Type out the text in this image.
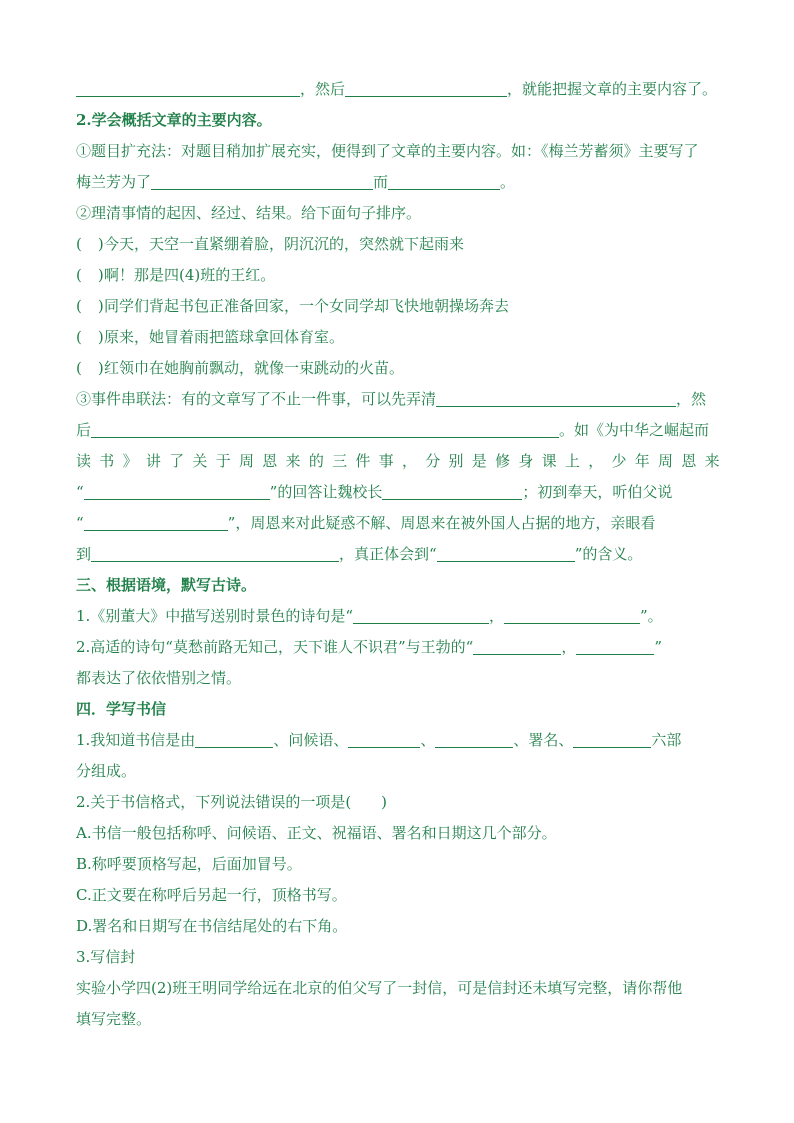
，然后	，就能把握文章的主要内容了。
2.学会概括文章的主要内容。
①题目扩充法：对题目稍加扩展充实，便得到了文章的主要内容。如：《梅兰芳蓄须》主要写了
梅兰芳为了	而	。
②理清事情的起因、经过、结果。给下面句子排序。
( )今天，天空一直紧绷着脸，阴沉沉的，突然就下起雨来
( )啊！那是四(4)班的王红。
( )同学们背起书包正准备回家，一个女同学却飞快地朝操场奔去
( )原来，她冒着雨把篮球拿回体育室。
( )红领巾在她胸前飘动，就像一束跳动的火苗。
③事件串联法：有的文章写了不止一件事，可以先弄清	，然
后	。如《为中华之崛起而
读 书 》 讲 了 关 于 周 恩 来 的 三 件 事 ， 分 别 是 修 身 课 上 ， 少 年 周 恩 来
“	”的回答让魏校长	；初到奉天，听伯父说
“	”，周恩来对此疑惑不解、周恩来在被外国人占据的地方，亲眼看
到	，真正体会到“	”的含义。
三、根据语境，默写古诗。
1.《别董大》中描写送别时景色的诗句是“	，	”。
2.高适的诗句“莫愁前路无知己，天下谁人不识君”与王勃的“	，	”
都表达了依依惜别之情。
四．学写书信
1.我知道书信是由	、问候语、	、	、署名、	六部
分组成。
2.关于书信格式，下列说法错误的一项是(　　)
A.书信一般包括称呼、问候语、正文、祝福语、署名和日期这几个部分。
B.称呼要顶格写起，后面加冒号。
C.正文要在称呼后另起一行，顶格书写。
D.署名和日期写在书信结尾处的右下角。
3.写信封
实验小学四(2)班王明同学给远在北京的伯父写了一封信，可是信封还未填写完整，请你帮他
填写完整。
